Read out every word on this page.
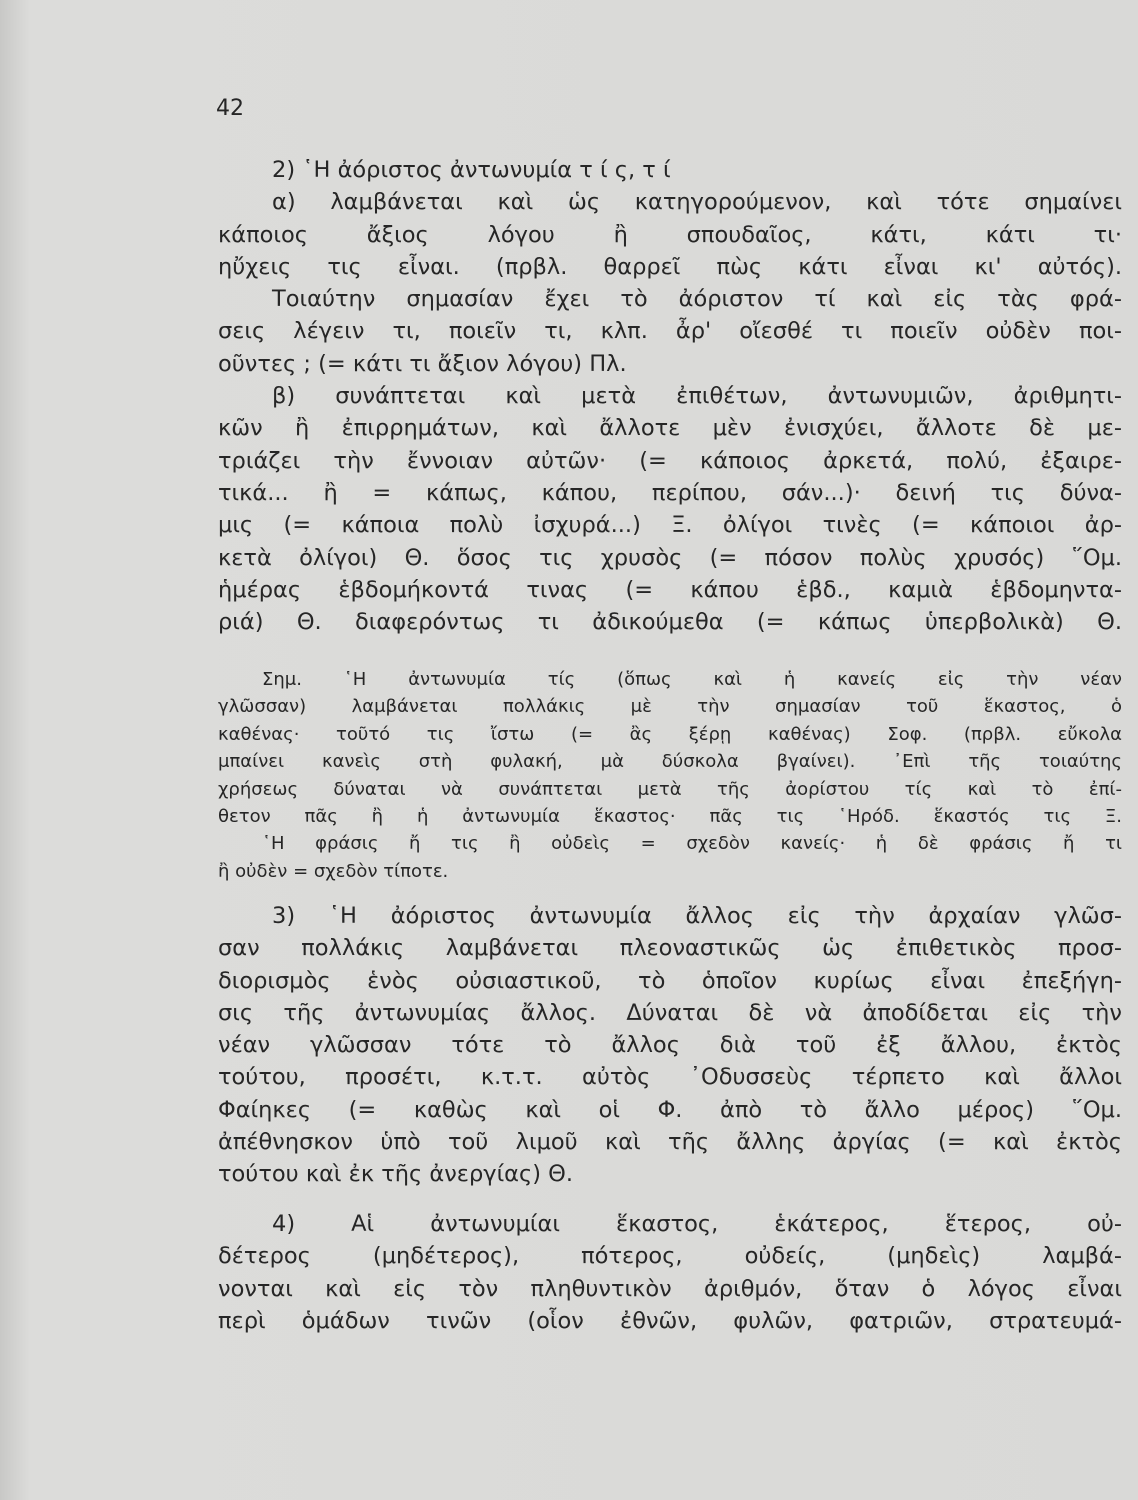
42
2) ῾Η ἀόριστος ἀντωνυμία τ ί ς, τ ί
α) λαμβάνεται καὶ ὡς κατηγορούμενον, καὶ τότε σημαίνει
κάποιος ἄξιος λόγου ἢ σπουδαῖος, κάτι, κάτι τι·
ηὔχεις τις εἶναι. (πρβλ. θαρρεῖ πὼς κάτι εἶναι κι' αὐτός).
Τοιαύτην σημασίαν ἔχει τὸ ἀόριστον τί καὶ εἰς τὰς φρά-
σεις λέγειν τι, ποιεῖν τι, κλπ. ἆρ' οἴεσθέ τι ποιεῖν οὐδὲν ποι-
οῦντες ; (= κάτι τι ἄξιον λόγου) Πλ.
β) συνάπτεται καὶ μετὰ ἐπιθέτων, ἀντωνυμιῶν, ἀριθμητι-
κῶν ἢ ἐπιρρημάτων, καὶ ἄλλοτε μὲν ἐνισχύει, ἄλλοτε δὲ με-
τριάζει τὴν ἔννοιαν αὐτῶν· (= κάποιος ἀρκετά, πολύ, ἐξαιρε-
τικά... ἢ = κάπως, κάπου, περίπου, σάν...)· δεινή τις δύνα-
μις (= κάποια πολὺ ἰσχυρά...) Ξ. ὀλίγοι τινὲς (= κάποιοι ἀρ-
κετὰ ὀλίγοι) Θ. ὅσος τις χρυσὸς (= πόσον πολὺς χρυσός) ῞Ομ.
ἡμέρας ἑβδομήκοντά τινας (= κάπου ἑβδ., καμιὰ ἑβδομηντα-
ριά) Θ. διαφερόντως τι ἀδικούμεθα (= κάπως ὑπερβολικὰ) Θ.
Σημ. ῾Η ἀντωνυμία τίς (ὅπως καὶ ἡ κανείς εἰς τὴν νέαν
γλῶσσαν) λαμβάνεται πολλάκις μὲ τὴν σημασίαν τοῦ ἕκαστος, ὁ
καθένας· τοῦτό τις ἴστω (= ἂς ξέρῃ καθένας) Σοφ. (πρβλ. εὔκολα
μπαίνει κανεὶς στὴ φυλακή, μὰ δύσκολα βγαίνει). ᾿Επὶ τῆς τοιαύτης
χρήσεως δύναται νὰ συνάπτεται μετὰ τῆς ἀορίστου τίς καὶ τὸ ἐπί-
θετον πᾶς ἢ ἡ ἀντωνυμία ἕκαστος· πᾶς τις ῾Ηρόδ. ἕκαστός τις Ξ.
῾Η φράσις ἤ τις ἢ οὐδεὶς = σχεδὸν κανείς· ἡ δὲ φράσις ἤ τι
ἢ οὐδὲν = σχεδὸν τίποτε.
3) ῾Η ἀόριστος ἀντωνυμία ἄλλος εἰς τὴν ἀρχαίαν γλῶσ-
σαν πολλάκις λαμβάνεται πλεοναστικῶς ὡς ἐπιθετικὸς προσ-
διορισμὸς ἑνὸς οὐσιαστικοῦ, τὸ ὁποῖον κυρίως εἶναι ἐπεξήγη-
σις τῆς ἀντωνυμίας ἄλλος. Δύναται δὲ νὰ ἀποδίδεται εἰς τὴν
νέαν γλῶσσαν τότε τὸ ἄλλος διὰ τοῦ ἐξ ἄλλου, ἐκτὸς
τούτου, προσέτι, κ.τ.τ. αὐτὸς ᾿Οδυσσεὺς τέρπετο καὶ ἄλλοι
Φαίηκες (= καθὼς καὶ οἱ Φ. ἀπὸ τὸ ἄλλο μέρος) ῞Ομ.
ἀπέθνησκον ὑπὸ τοῦ λιμοῦ καὶ τῆς ἄλλης ἀργίας (= καὶ ἐκτὸς
τούτου καὶ ἐκ τῆς ἀνεργίας) Θ.
4) Αἱ ἀντωνυμίαι ἕκαστος, ἑκάτερος, ἕτερος, οὐ-
δέτερος (μηδέτερος), πότερος, οὐδείς, (μηδεὶς) λαμβά-
νονται καὶ εἰς τὸν πληθυντικὸν ἀριθμόν, ὅταν ὁ λόγος εἶναι
περὶ ὁμάδων τινῶν (οἷον ἐθνῶν, φυλῶν, φατριῶν, στρατευμά-
